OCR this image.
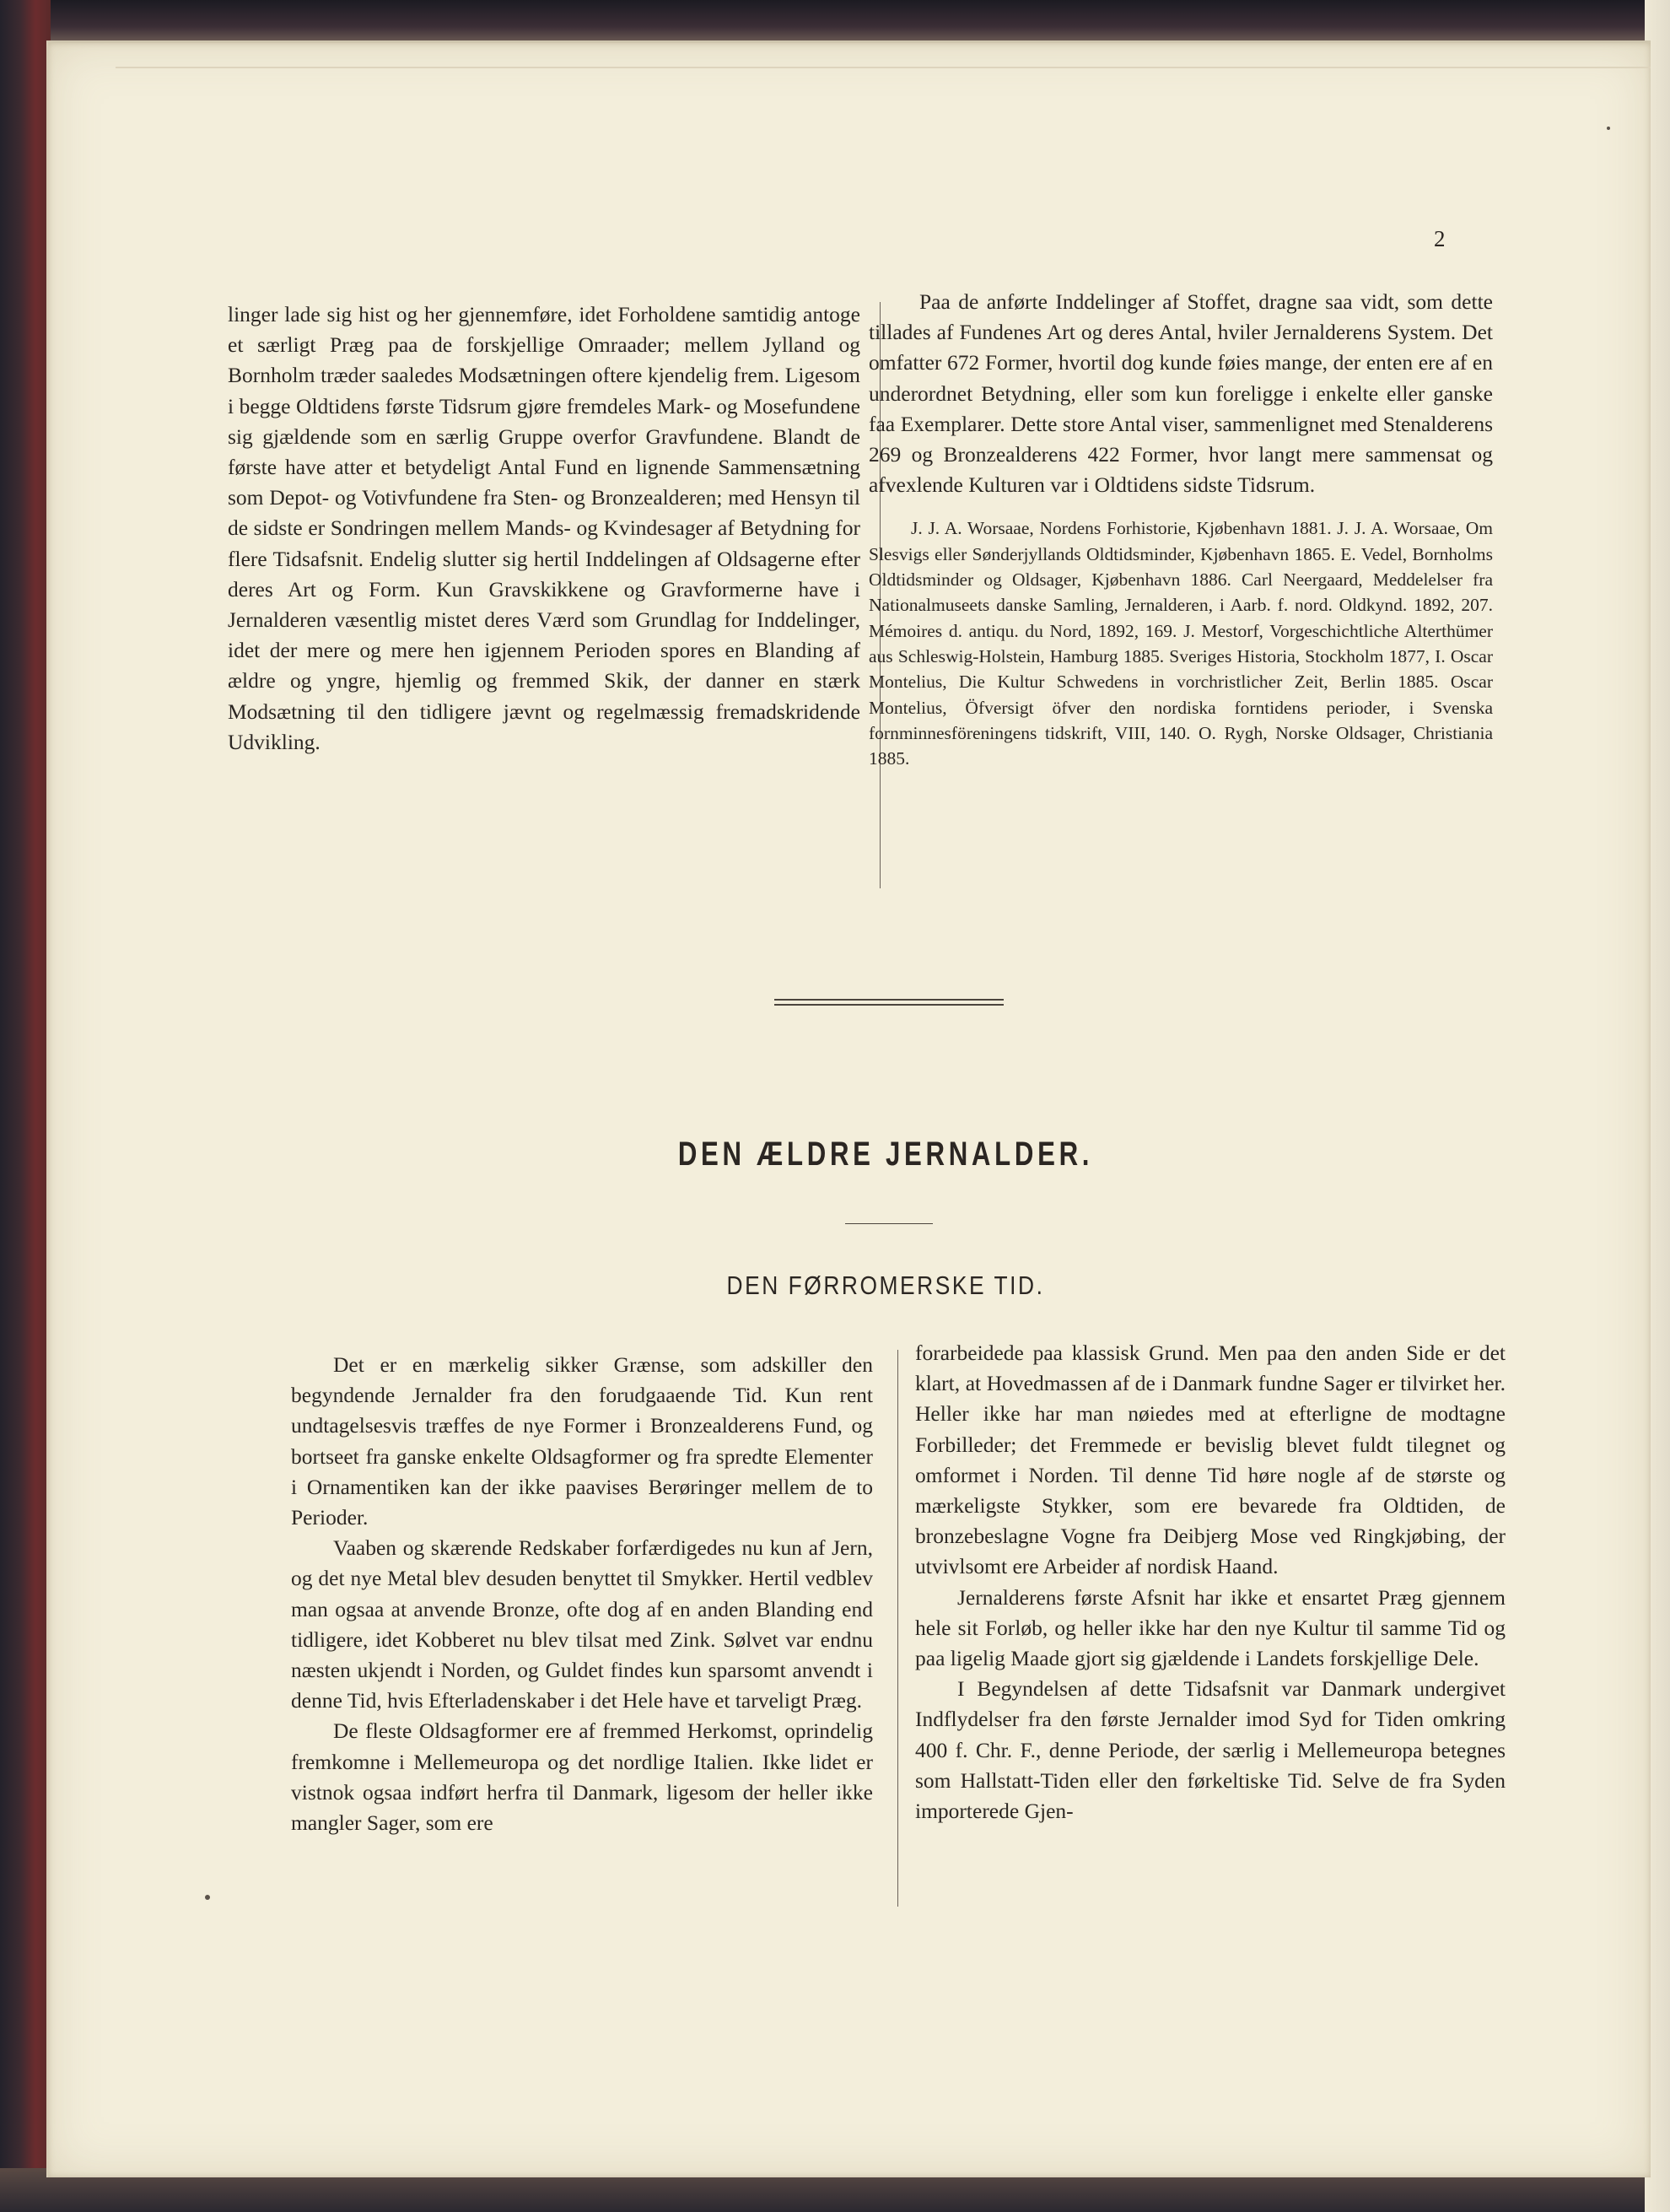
2

linger lade sig hist og her gjennemføre, idet Forholdene samtidig antoge et særligt Præg paa de forskjellige Omraader; mellem Jylland og Bornholm træder saaledes Modsætningen oftere kjendelig frem. Ligesom i begge Oldtidens første Tidsrum gjøre fremdeles Mark- og Mosefundene sig gjældende som en særlig Gruppe overfor Gravfundene. Blandt de første have atter et betydeligt Antal Fund en lignende Sammensætning som Depot- og Votivfundene fra Sten- og Bronzealderen; med Hensyn til de sidste er Sondringen mellem Mands- og Kvindesager af Betydning for flere Tidsafsnit. Endelig slutter sig hertil Inddelingen af Oldsagerne efter deres Art og Form. Kun Gravskikkene og Gravformerne have i Jernalderen væsentlig mistet deres Værd som Grundlag for Inddelinger, idet der mere og mere hen igjennem Perioden spores en Blanding af ældre og yngre, hjemlig og fremmed Skik, der danner en stærk Modsætning til den tidligere jævnt og regelmæssig fremadskridende Udvikling.

Paa de anførte Inddelinger af Stoffet, dragne saa vidt, som dette tillades af Fundenes Art og deres Antal, hviler Jernalderens System. Det omfatter 672 Former, hvortil dog kunde føies mange, der enten ere af en underordnet Betydning, eller som kun foreligge i enkelte eller ganske faa Exemplarer. Dette store Antal viser, sammenlignet med Stenalderens 269 og Bronzealderens 422 Former, hvor langt mere sammensat og afvexlende Kulturen var i Oldtidens sidste Tidsrum.

J. J. A. Worsaae, Nordens Forhistorie, Kjøbenhavn 1881. J. J. A. Worsaae, Om Slesvigs eller Sønderjyllands Oldtidsminder, Kjøbenhavn 1865. E. Vedel, Bornholms Oldtidsminder og Oldsager, Kjøbenhavn 1886. Carl Neergaard, Meddelelser fra Nationalmuseets danske Samling, Jernalderen, i Aarb. f. nord. Oldkynd. 1892, 207. Mémoires d. antiqu. du Nord, 1892, 169. J. Mestorf, Vorgeschichtliche Alterthümer aus Schleswig-Holstein, Hamburg 1885. Sveriges Historia, Stockholm 1877, I. Oscar Montelius, Die Kultur Schwedens in vorchristlicher Zeit, Berlin 1885. Oscar Montelius, Öfversigt öfver den nordiska forntidens perioder, i Svenska fornminnesföreningens tidskrift, VIII, 140. O. Rygh, Norske Oldsager, Christiania 1885.

DEN ÆLDRE JERNALDER.
DEN FØRROMERSKE TID.

Det er en mærkelig sikker Grænse, som adskiller den begyndende Jernalder fra den forudgaaende Tid. Kun rent undtagelsesvis træffes de nye Former i Bronzealderens Fund, og bortseet fra ganske enkelte Oldsagformer og fra spredte Elementer i Ornamentiken kan der ikke paavises Berøringer mellem de to Perioder.

Vaaben og skærende Redskaber forfærdigedes nu kun af Jern, og det nye Metal blev desuden benyttet til Smykker. Hertil vedblev man ogsaa at anvende Bronze, ofte dog af en anden Blanding end tidligere, idet Kobberet nu blev tilsat med Zink. Sølvet var endnu næsten ukjendt i Norden, og Guldet findes kun sparsomt anvendt i denne Tid, hvis Efterladenskaber i det Hele have et tarveligt Præg.

De fleste Oldsagformer ere af fremmed Herkomst, oprindelig fremkomne i Mellemeuropa og det nordlige Italien. Ikke lidet er vistnok ogsaa indført herfra til Danmark, ligesom der heller ikke mangler Sager, som ere

forarbeidede paa klassisk Grund. Men paa den anden Side er det klart, at Hovedmassen af de i Danmark fundne Sager er tilvirket her. Heller ikke har man nøiedes med at efterligne de modtagne Forbilleder; det Fremmede er bevislig blevet fuldt tilegnet og omformet i Norden. Til denne Tid høre nogle af de største og mærkeligste Stykker, som ere bevarede fra Oldtiden, de bronzebeslagne Vogne fra Deibjerg Mose ved Ringkjøbing, der utvivlsomt ere Arbeider af nordisk Haand.

Jernalderens første Afsnit har ikke et ensartet Præg gjennem hele sit Forløb, og heller ikke har den nye Kultur til samme Tid og paa ligelig Maade gjort sig gjældende i Landets forskjellige Dele.

I Begyndelsen af dette Tidsafsnit var Danmark undergivet Indflydelser fra den første Jernalder imod Syd for Tiden omkring 400 f. Chr. F., denne Periode, der særlig i Mellemeuropa betegnes som Hallstatt-Tiden eller den førkeltiske Tid. Selve de fra Syden importerede Gjen-
